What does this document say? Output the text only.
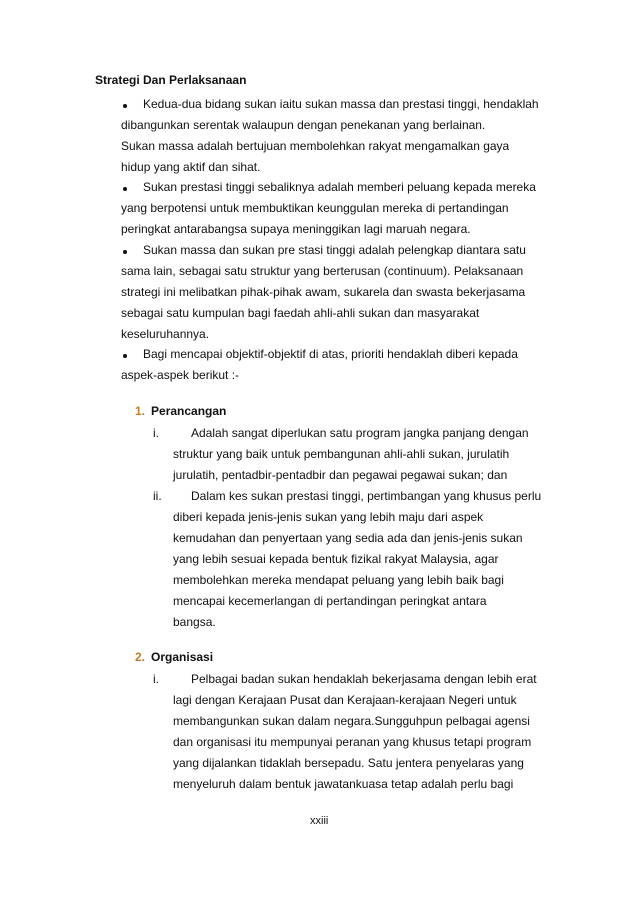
Strategi Dan Perlaksanaan
Kedua-dua bidang sukan iaitu sukan massa dan prestasi tinggi, hendaklah
dibangunkan serentak walaupun dengan penekanan yang berlainan.
Sukan massa adalah bertujuan membolehkan rakyat mengamalkan gaya
hidup yang aktif dan sihat.
Sukan prestasi tinggi sebaliknya adalah memberi peluang kepada mereka
yang berpotensi untuk membuktikan keunggulan mereka di pertandingan
peringkat antarabangsa supaya meninggikan lagi maruah negara.
Sukan massa dan sukan pre stasi tinggi adalah pelengkap diantara satu
sama lain, sebagai satu struktur yang berterusan (continuum). Pelaksanaan
strategi ini melibatkan pihak-pihak awam, sukarela dan swasta bekerjasama
sebagai satu kumpulan bagi faedah ahli-ahli sukan dan masyarakat
keseluruhannya.
Bagi mencapai objektif-objektif di atas, prioriti hendaklah diberi kepada
aspek-aspek berikut :-
1. Perancangan
i.	Adalah sangat diperlukan satu program jangka panjang dengan
struktur yang baik untuk pembangunan ahli-ahli sukan, jurulatih
jurulatih, pentadbir-pentadbir dan pegawai pegawai sukan; dan
ii. Dalam kes sukan prestasi tinggi, pertimbangan yang khusus perlu
diberi kepada jenis-jenis sukan yang lebih maju dari aspek
kemudahan dan penyertaan yang sedia ada dan jenis-jenis sukan
yang lebih sesuai kepada bentuk fizikal rakyat Malaysia, agar
membolehkan mereka mendapat peluang yang lebih baik bagi
mencapai kecemerlangan di pertandingan peringkat antara
bangsa.
2. Organisasi
i.	Pelbagai badan sukan hendaklah bekerjasama dengan lebih erat
lagi dengan Kerajaan Pusat dan Kerajaan-kerajaan Negeri untuk
membangunkan sukan dalam negara.Sungguhpun pelbagai agensi
dan organisasi itu mempunyai peranan yang khusus tetapi program
yang dijalankan tidaklah bersepadu. Satu jentera penyelaras yang
menyeluruh dalam bentuk jawatankuasa tetap adalah perlu bagi
xxiii
